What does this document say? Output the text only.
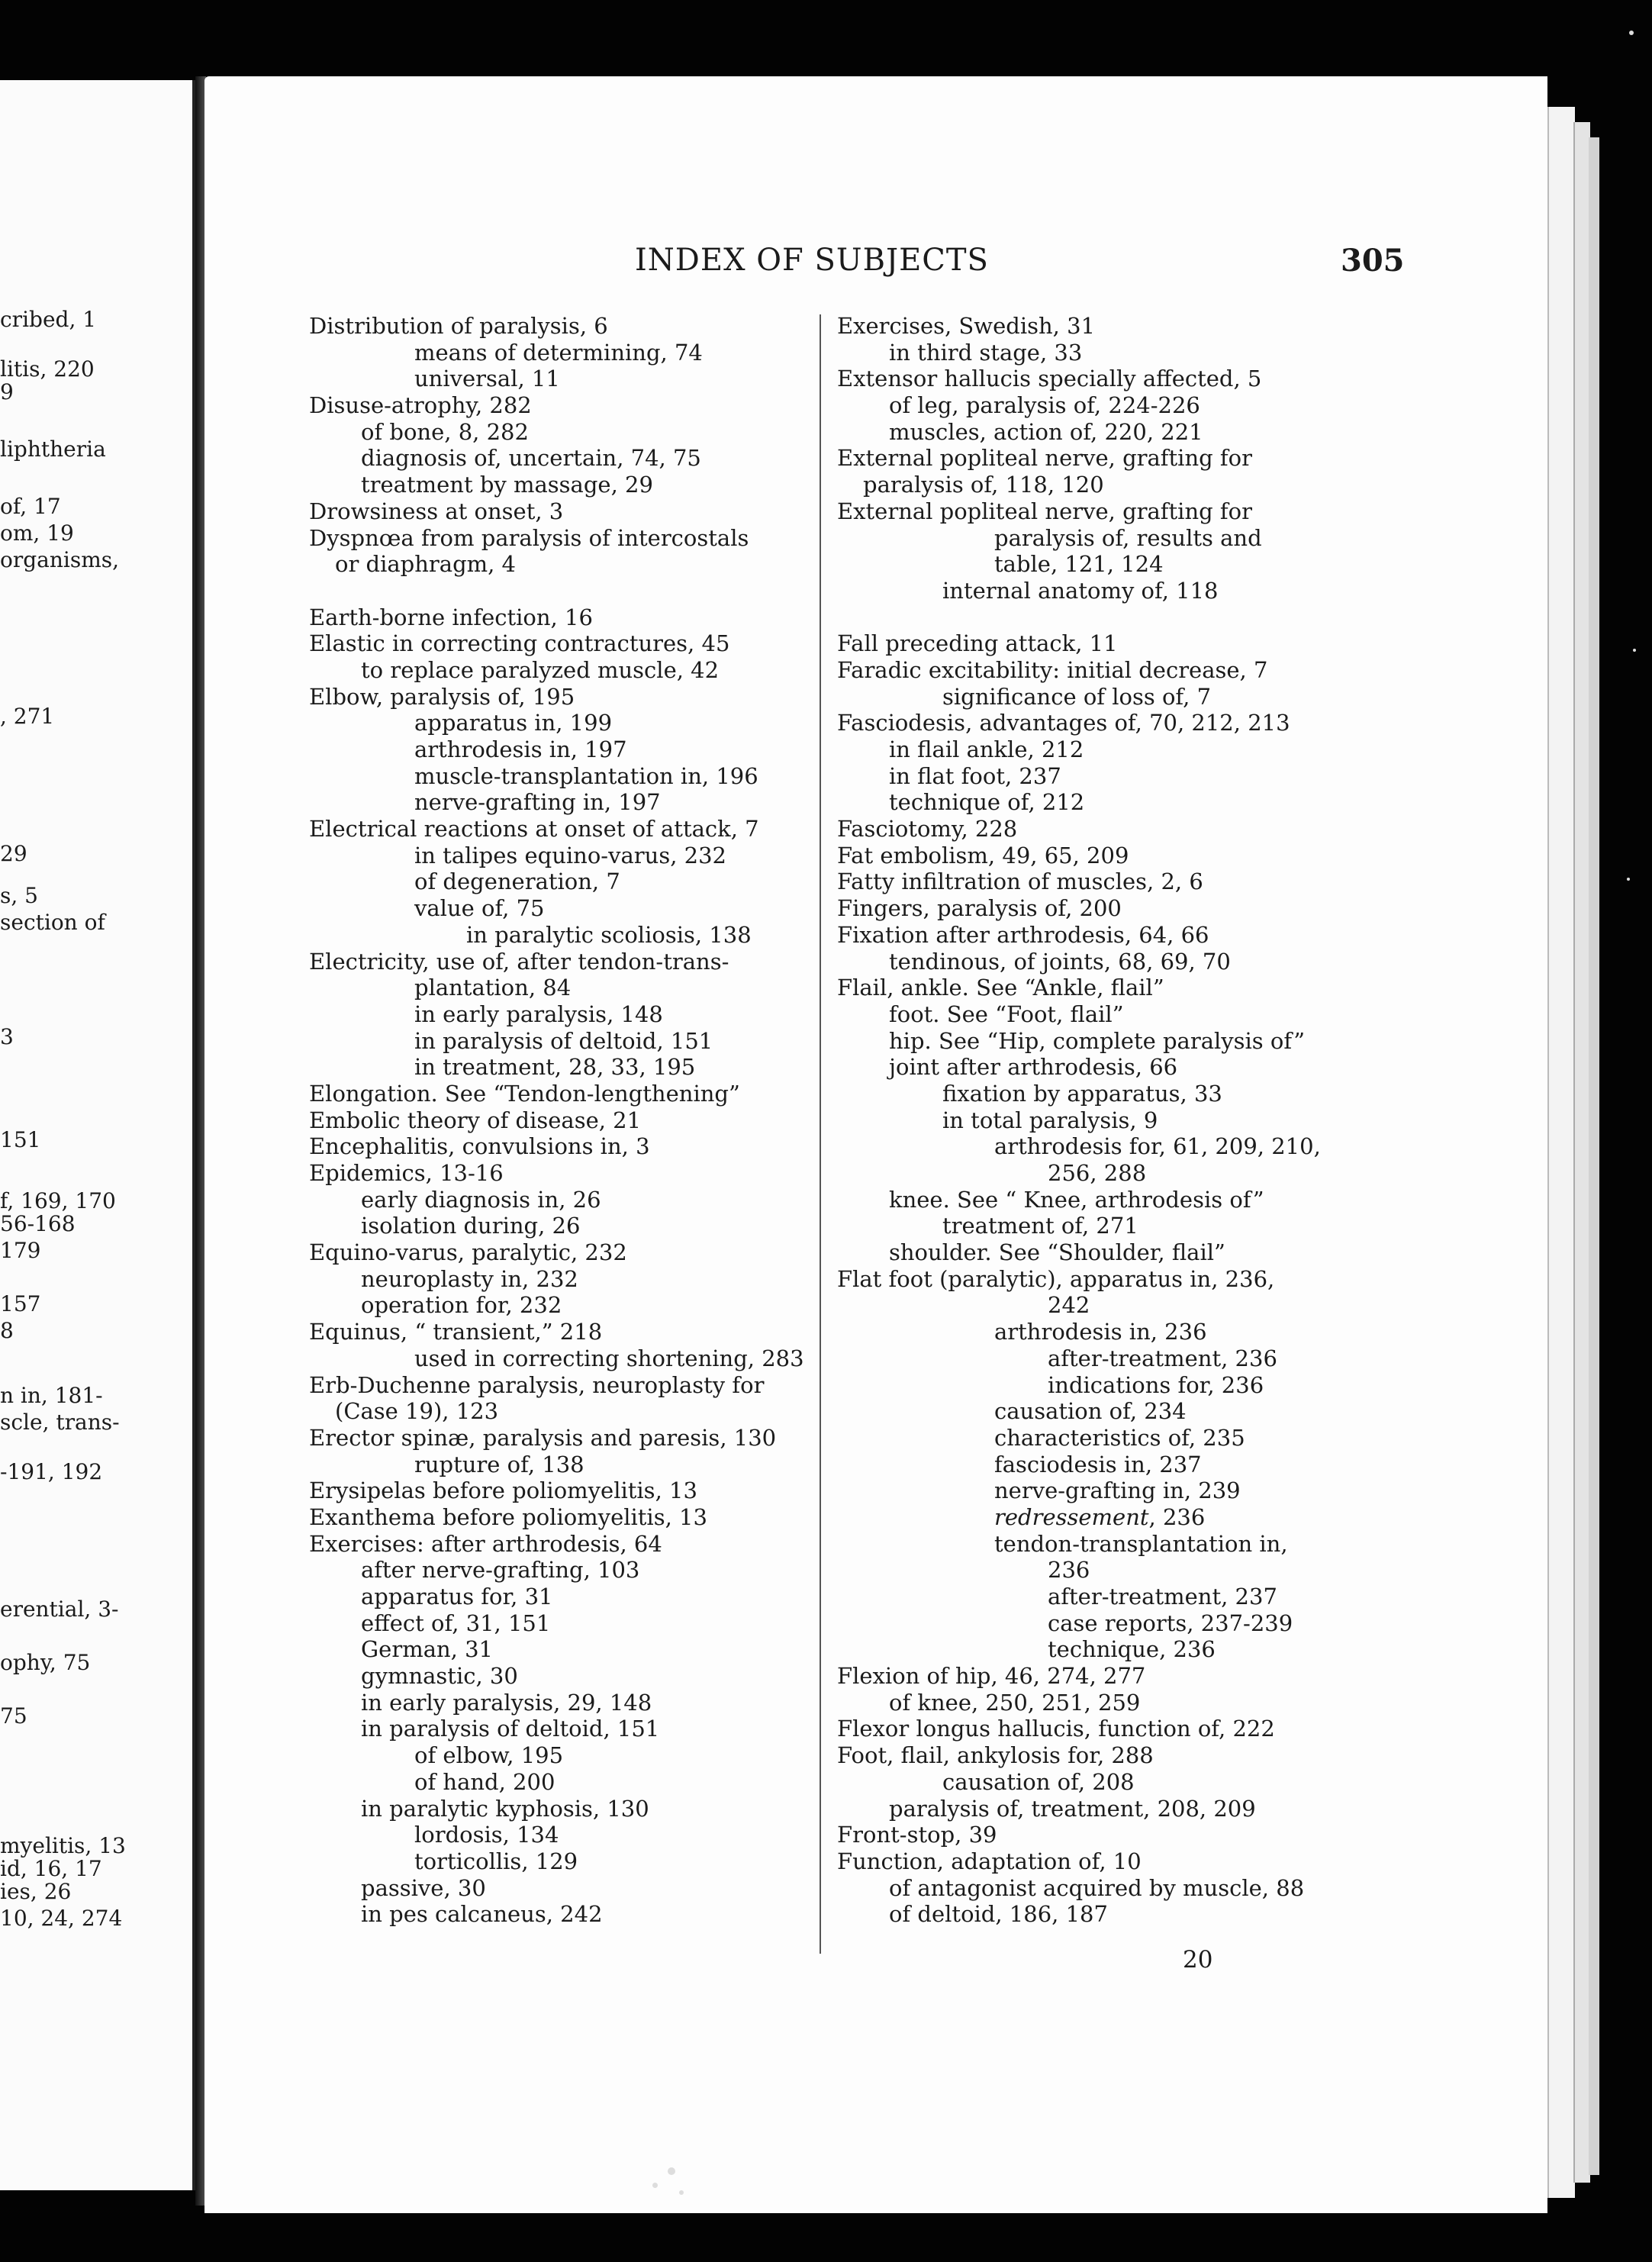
cribed, 1
litis, 220
9
liphtheria
of, 17
om, 19
organisms,
, 271
29
s, 5
section of
3
151
f, 169, 170
56-168
179
157
8
n in, 181-
scle, trans-
-191, 192
erential, 3-
ophy, 75
75
myelitis, 13
id, 16, 17
ies, 26
10, 24, 274
INDEX OF SUBJECTS	305
Distribution of paralysis, 6
means of determining, 74
universal, 11
Disuse-atrophy, 282
of bone, 8, 282
diagnosis of, uncertain, 74, 75
treatment by massage, 29
Drowsiness at onset, 3
Dyspnœa from paralysis of intercostals
or diaphragm, 4
Earth-borne infection, 16
Elastic in correcting contractures, 45
to replace paralyzed muscle, 42
Elbow, paralysis of, 195
apparatus in, 199
arthrodesis in, 197
muscle-transplantation in, 196
nerve-grafting in, 197
Electrical reactions at onset of attack, 7
in talipes equino-varus, 232
of degeneration, 7
value of, 75
in paralytic scoliosis, 138
Electricity, use of, after tendon-trans-
plantation, 84
in early paralysis, 148
in paralysis of deltoid, 151
in treatment, 28, 33, 195
Elongation. See “Tendon-lengthening”
Embolic theory of disease, 21
Encephalitis, convulsions in, 3
Epidemics, 13-16
early diagnosis in, 26
isolation during, 26
Equino-varus, paralytic, 232
neuroplasty in, 232
operation for, 232
Equinus, “ transient,” 218
used in correcting shortening, 283
Erb-Duchenne paralysis, neuroplasty for
(Case 19), 123
Erector spinæ, paralysis and paresis, 130
rupture of, 138
Erysipelas before poliomyelitis, 13
Exanthema before poliomyelitis, 13
Exercises: after arthrodesis, 64
after nerve-grafting, 103
apparatus for, 31
effect of, 31, 151
German, 31
gymnastic, 30
in early paralysis, 29, 148
in paralysis of deltoid, 151
of elbow, 195
of hand, 200
in paralytic kyphosis, 130
lordosis, 134
torticollis, 129
passive, 30
in pes calcaneus, 242
Exercises, Swedish, 31
in third stage, 33
Extensor hallucis specially affected, 5
of leg, paralysis of, 224-226
muscles, action of, 220, 221
External popliteal nerve, grafting for
paralysis of, 118, 120
External popliteal nerve, grafting for
paralysis of, results and
table, 121, 124
internal anatomy of, 118
Fall preceding attack, 11
Faradic excitability: initial decrease, 7
significance of loss of, 7
Fasciodesis, advantages of, 70, 212, 213
in flail ankle, 212
in flat foot, 237
technique of, 212
Fasciotomy, 228
Fat embolism, 49, 65, 209
Fatty infiltration of muscles, 2, 6
Fingers, paralysis of, 200
Fixation after arthrodesis, 64, 66
tendinous, of joints, 68, 69, 70
Flail, ankle. See “Ankle, flail”
foot. See “Foot, flail”
hip. See “Hip, complete paralysis of”
joint after arthrodesis, 66
fixation by apparatus, 33
in total paralysis, 9
arthrodesis for, 61, 209, 210,
256, 288
knee. See “ Knee, arthrodesis of”
treatment of, 271
shoulder. See “Shoulder, flail”
Flat foot (paralytic), apparatus in, 236,
242
arthrodesis in, 236
after-treatment, 236
indications for, 236
causation of, 234
characteristics of, 235
fasciodesis in, 237
nerve-grafting in, 239
redressement, 236
tendon-transplantation in,
236
after-treatment, 237
case reports, 237-239
technique, 236
Flexion of hip, 46, 274, 277
of knee, 250, 251, 259
Flexor longus hallucis, function of, 222
Foot, flail, ankylosis for, 288
causation of, 208
paralysis of, treatment, 208, 209
Front-stop, 39
Function, adaptation of, 10
of antagonist acquired by muscle, 88
of deltoid, 186, 187
20
